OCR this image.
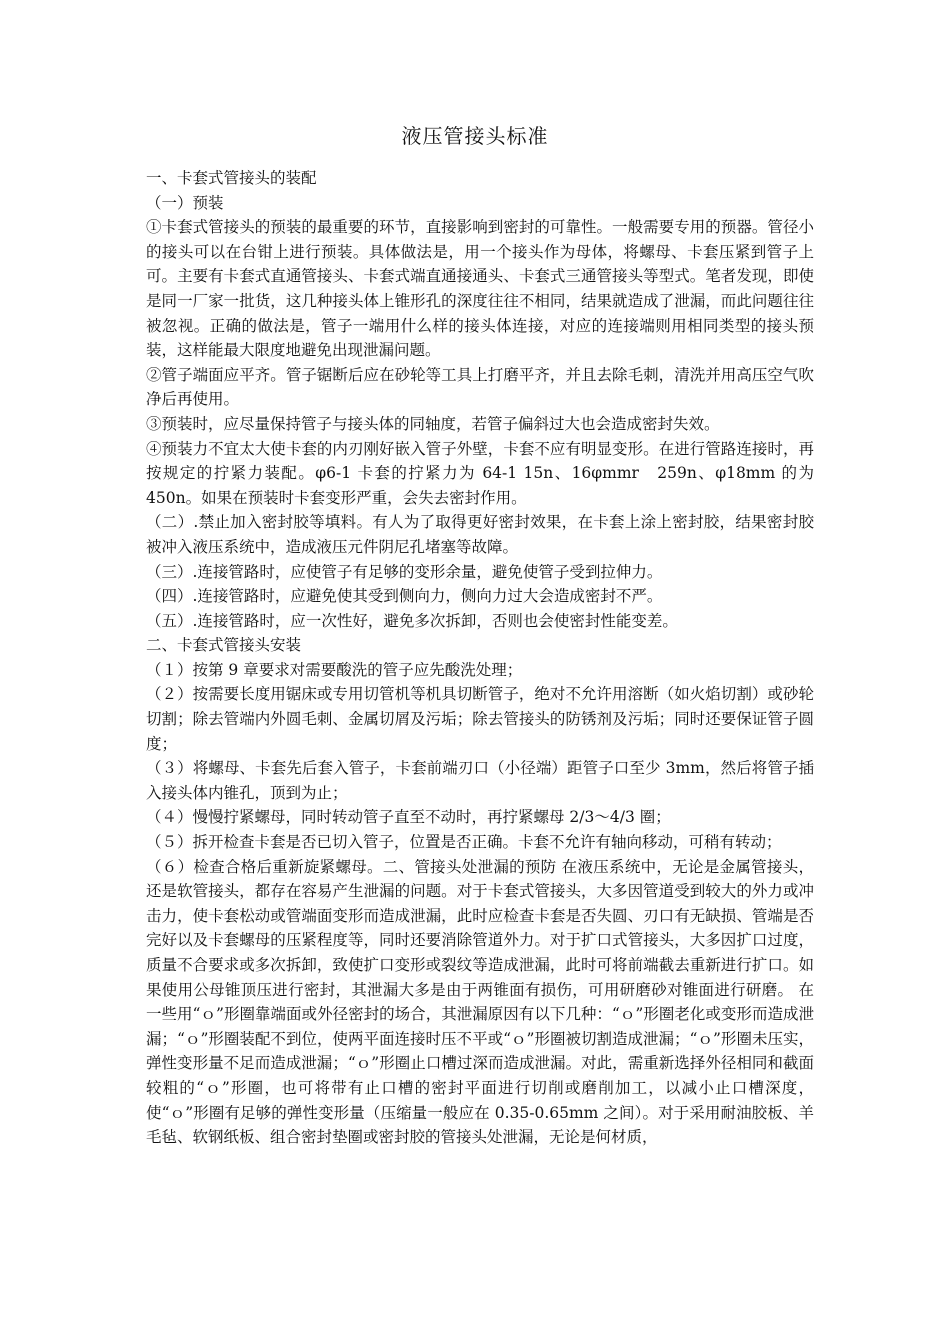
液压管接头标准

一、卡套式管接头的装配

（一）预装

①卡套式管接头的预装的最重要的环节，直接影响到密封的可靠性。一般需要专用的预器。管径小的接头可以在台钳上进行预装。具体做法是，用一个接头作为母体，将螺母、卡套压紧到管子上可。主要有卡套式直通管接头、卡套式端直通接通头、卡套式三通管接头等型式。笔者发现，即使是同一厂家一批货，这几种接头体上锥形孔的深度往往不相同，结果就造成了泄漏，而此问题往往被忽视。正确的做法是，管子一端用什么样的接头体连接，对应的连接端则用相同类型的接头预装，这样能最大限度地避免出现泄漏问题。

②管子端面应平齐。管子锯断后应在砂轮等工具上打磨平齐，并且去除毛刺，清洗并用高压空气吹净后再使用。

③预装时，应尽量保持管子与接头体的同轴度，若管子偏斜过大也会造成密封失效。

④预装力不宜太大使卡套的内刃刚好嵌入管子外壁，卡套不应有明显变形。在进行管路连接时，再按规定的拧紧力装配。φ6-1 卡套的拧紧力为 64-1 15n、16φmmr　259n、φ18mm 的为 450n。如果在预装时卡套变形严重，会失去密封作用。

（二）.禁止加入密封胶等填料。有人为了取得更好密封效果，在卡套上涂上密封胶，结果密封胶被冲入液压系统中，造成液压元件阴尼孔堵塞等故障。

（三）.连接管路时，应使管子有足够的变形余量，避免使管子受到拉伸力。

（四）.连接管路时，应避免使其受到侧向力，侧向力过大会造成密封不严。

（五）.连接管路时，应一次性好，避免多次拆卸，否则也会使密封性能变差。

二、卡套式管接头安装

（１）按第 9 章要求对需要酸洗的管子应先酸洗处理；

（２）按需要长度用锯床或专用切管机等机具切断管子，绝对不允许用溶断（如火焰切割）或砂轮切割；除去管端内外圆毛刺、金属切屑及污垢；除去管接头的防锈剂及污垢；同时还要保证管子圆度；

（３）将螺母、卡套先后套入管子，卡套前端刃口（小径端）距管子口至少 3mm，然后将管子插入接头体内锥孔，顶到为止；

（４）慢慢拧紧螺母，同时转动管子直至不动时，再拧紧螺母 2/3～4/3 圈；

（５）拆开检查卡套是否已切入管子，位置是否正确。卡套不允许有轴向移动，可稍有转动；

（６）检查合格后重新旋紧螺母。二、管接头处泄漏的预防 在液压系统中，无论是金属管接头，还是软管接头，都存在容易产生泄漏的问题。对于卡套式管接头，大多因管道受到较大的外力或冲击力，使卡套松动或管端面变形而造成泄漏，此时应检查卡套是否失圆、刃口有无缺损、管端是否完好以及卡套螺母的压紧程度等，同时还要消除管道外力。对于扩口式管接头，大多因扩口过度，质量不合要求或多次拆卸，致使扩口变形或裂纹等造成泄漏，此时可将前端截去重新进行扩口。如果使用公母锥顶压进行密封，其泄漏大多是由于两锥面有损伤，可用研磨砂对锥面进行研磨。 在一些用“ｏ”形圈靠端面或外径密封的场合，其泄漏原因有以下几种：“ｏ”形圈老化或变形而造成泄漏；“ｏ”形圈装配不到位，使两平面连接时压不平或“ｏ”形圈被切割造成泄漏；“ｏ”形圈未压实，弹性变形量不足而造成泄漏；“ｏ”形圈止口槽过深而造成泄漏。对此，需重新选择外径相同和截面较粗的“ｏ”形圈，也可将带有止口槽的密封平面进行切削或磨削加工，以减小止口槽深度，使“ｏ”形圈有足够的弹性变形量（压缩量一般应在 0.35-0.65mm 之间）。对于采用耐油胶板、羊毛毡、软钢纸板、组合密封垫圈或密封胶的管接头处泄漏，无论是何材质，
